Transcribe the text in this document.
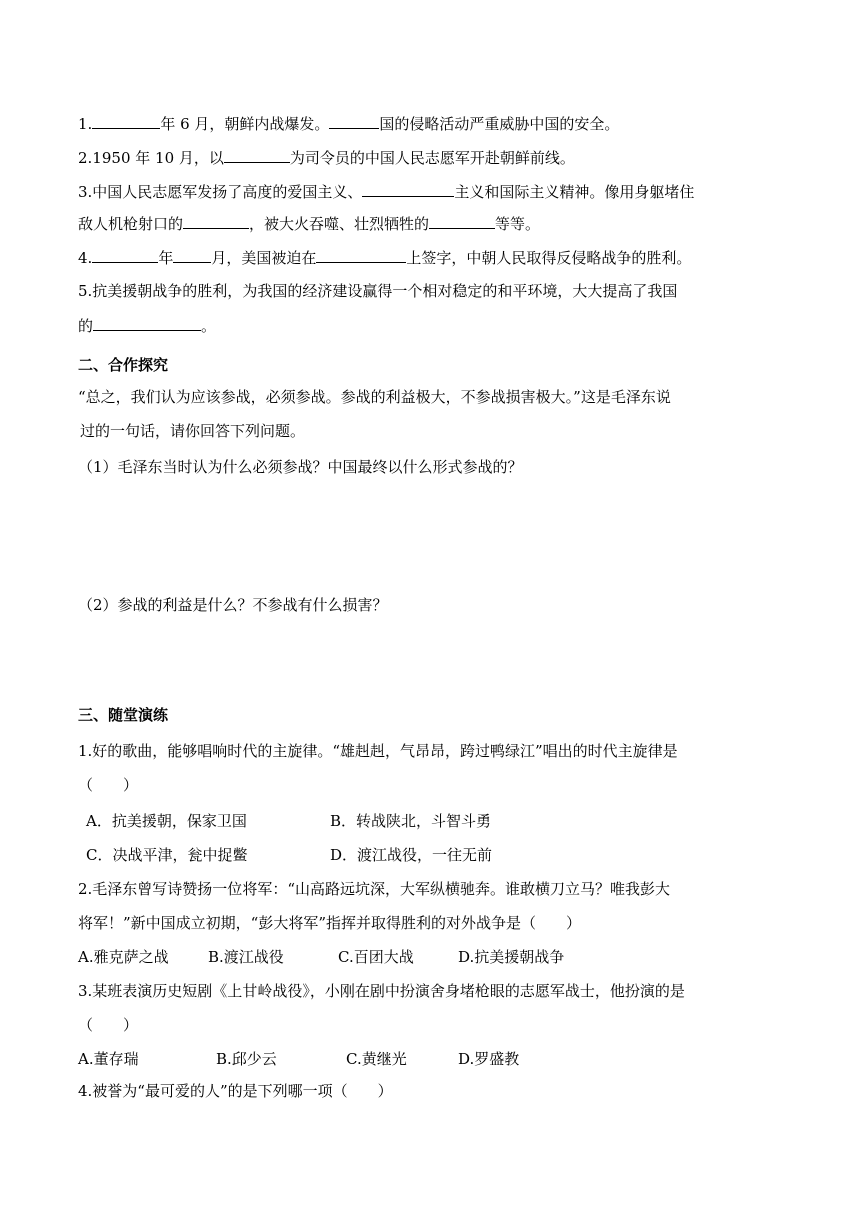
1.	年 6 月，朝鲜内战爆发。	国的侵略活动严重威胁中国的安全。
2.1950 年 10 月，以	为司令员的中国人民志愿军开赴朝鲜前线。
3.中国人民志愿军发扬了高度的爱国主义、	主义和国际主义精神。像用身躯堵住
敌人机枪射口的	，被大火吞噬、壮烈牺牲的	等等。
4.	年	月，美国被迫在	上签字，中朝人民取得反侵略战争的胜利。
5.抗美援朝战争的胜利，为我国的经济建设赢得一个相对稳定的和平环境，大大提高了我国
的	。
二、合作探究
“总之，我们认为应该参战，必须参战。参战的利益极大，不参战损害极大。”这是毛泽东说
过的一句话，请你回答下列问题。
（1）毛泽东当时认为什么必须参战？中国最终以什么形式参战的？
（2）参战的利益是什么？不参战有什么损害？
三、随堂演练
1.好的歌曲，能够唱响时代的主旋律。“雄赳赳，气昂昂，跨过鸭绿江”唱出的时代主旋律是
（　　）
A．抗美援朝，保家卫国	B．转战陕北，斗智斗勇
C．决战平津，瓮中捉鳖	D．渡江战役，一往无前
2.毛泽东曾写诗赞扬一位将军：“山高路远坑深，大军纵横驰奔。谁敢横刀立马？唯我彭大
将军！”新中国成立初期，“彭大将军”指挥并取得胜利的对外战争是（　　）
A.雅克萨之战	B.渡江战役	C.百团大战	D.抗美援朝战争
3.某班表演历史短剧《上甘岭战役》，小刚在剧中扮演舍身堵枪眼的志愿军战士，他扮演的是
（　　）
A.董存瑞	B.邱少云	C.黄继光	D.罗盛教
4.被誉为“最可爱的人”的是下列哪一项（　　）
